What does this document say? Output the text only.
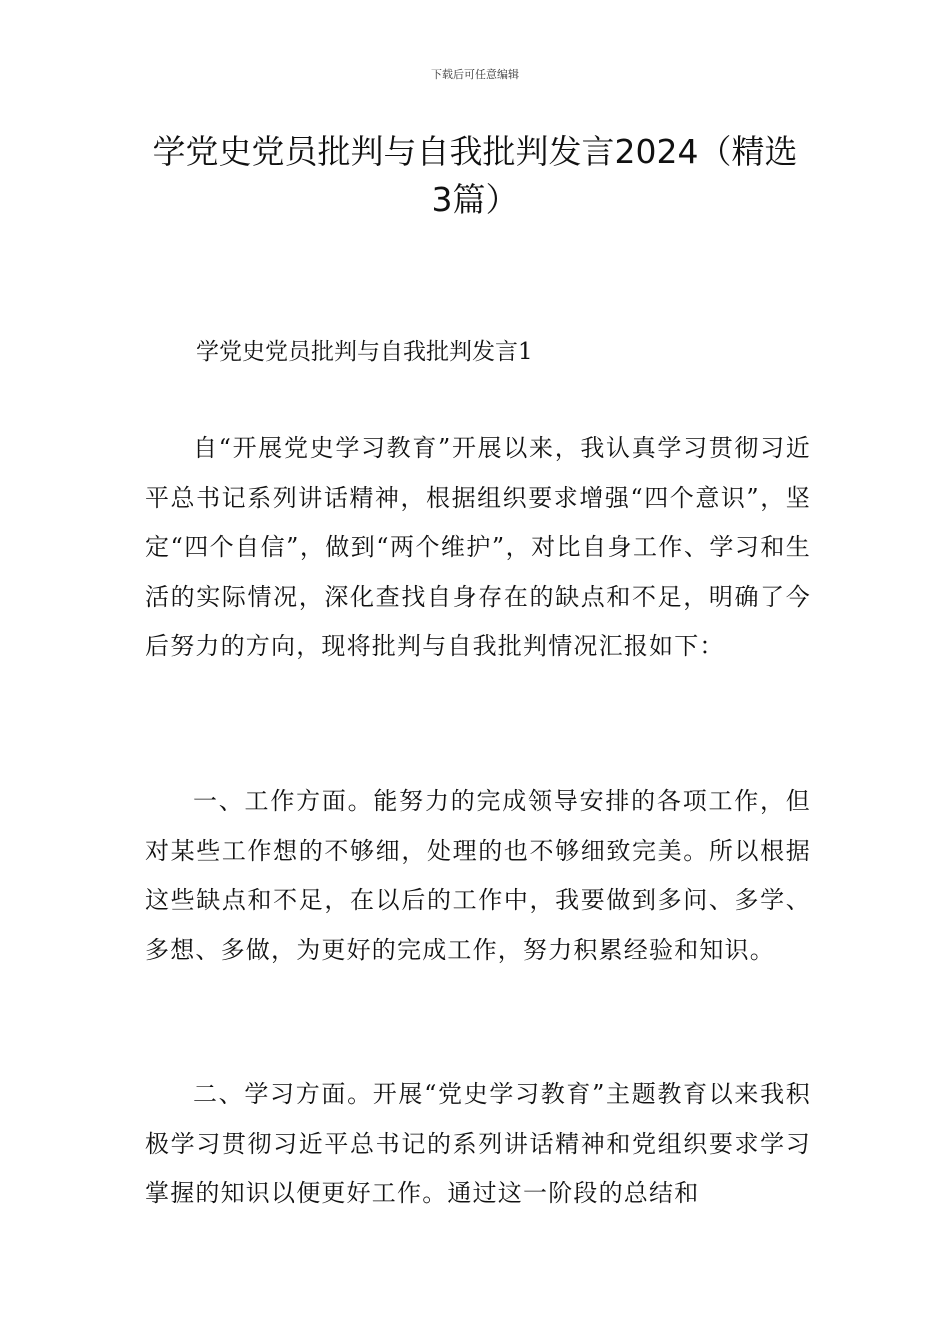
下载后可任意编辑
学党史党员批判与自我批判发言2024（精选3篇）

学党史党员批判与自我批判发言1

自“开展党史学习教育”开展以来，我认真学习贯彻习近平总书记系列讲话精神，根据组织要求增强“四个意识”，坚定“四个自信”，做到“两个维护”，对比自身工作、学习和生活的实际情况，深化查找自身存在的缺点和不足，明确了今后努力的方向，现将批判与自我批判情况汇报如下：

一、工作方面。能努力的完成领导安排的各项工作，但对某些工作想的不够细，处理的也不够细致完美。所以根据这些缺点和不足，在以后的工作中，我要做到多问、多学、多想、多做，为更好的完成工作，努力积累经验和知识。

二、学习方面。开展“党史学习教育”主题教育以来我积极学习贯彻习近平总书记的系列讲话精神和党组织要求学习掌握的知识以便更好工作。通过这一阶段的总结和
